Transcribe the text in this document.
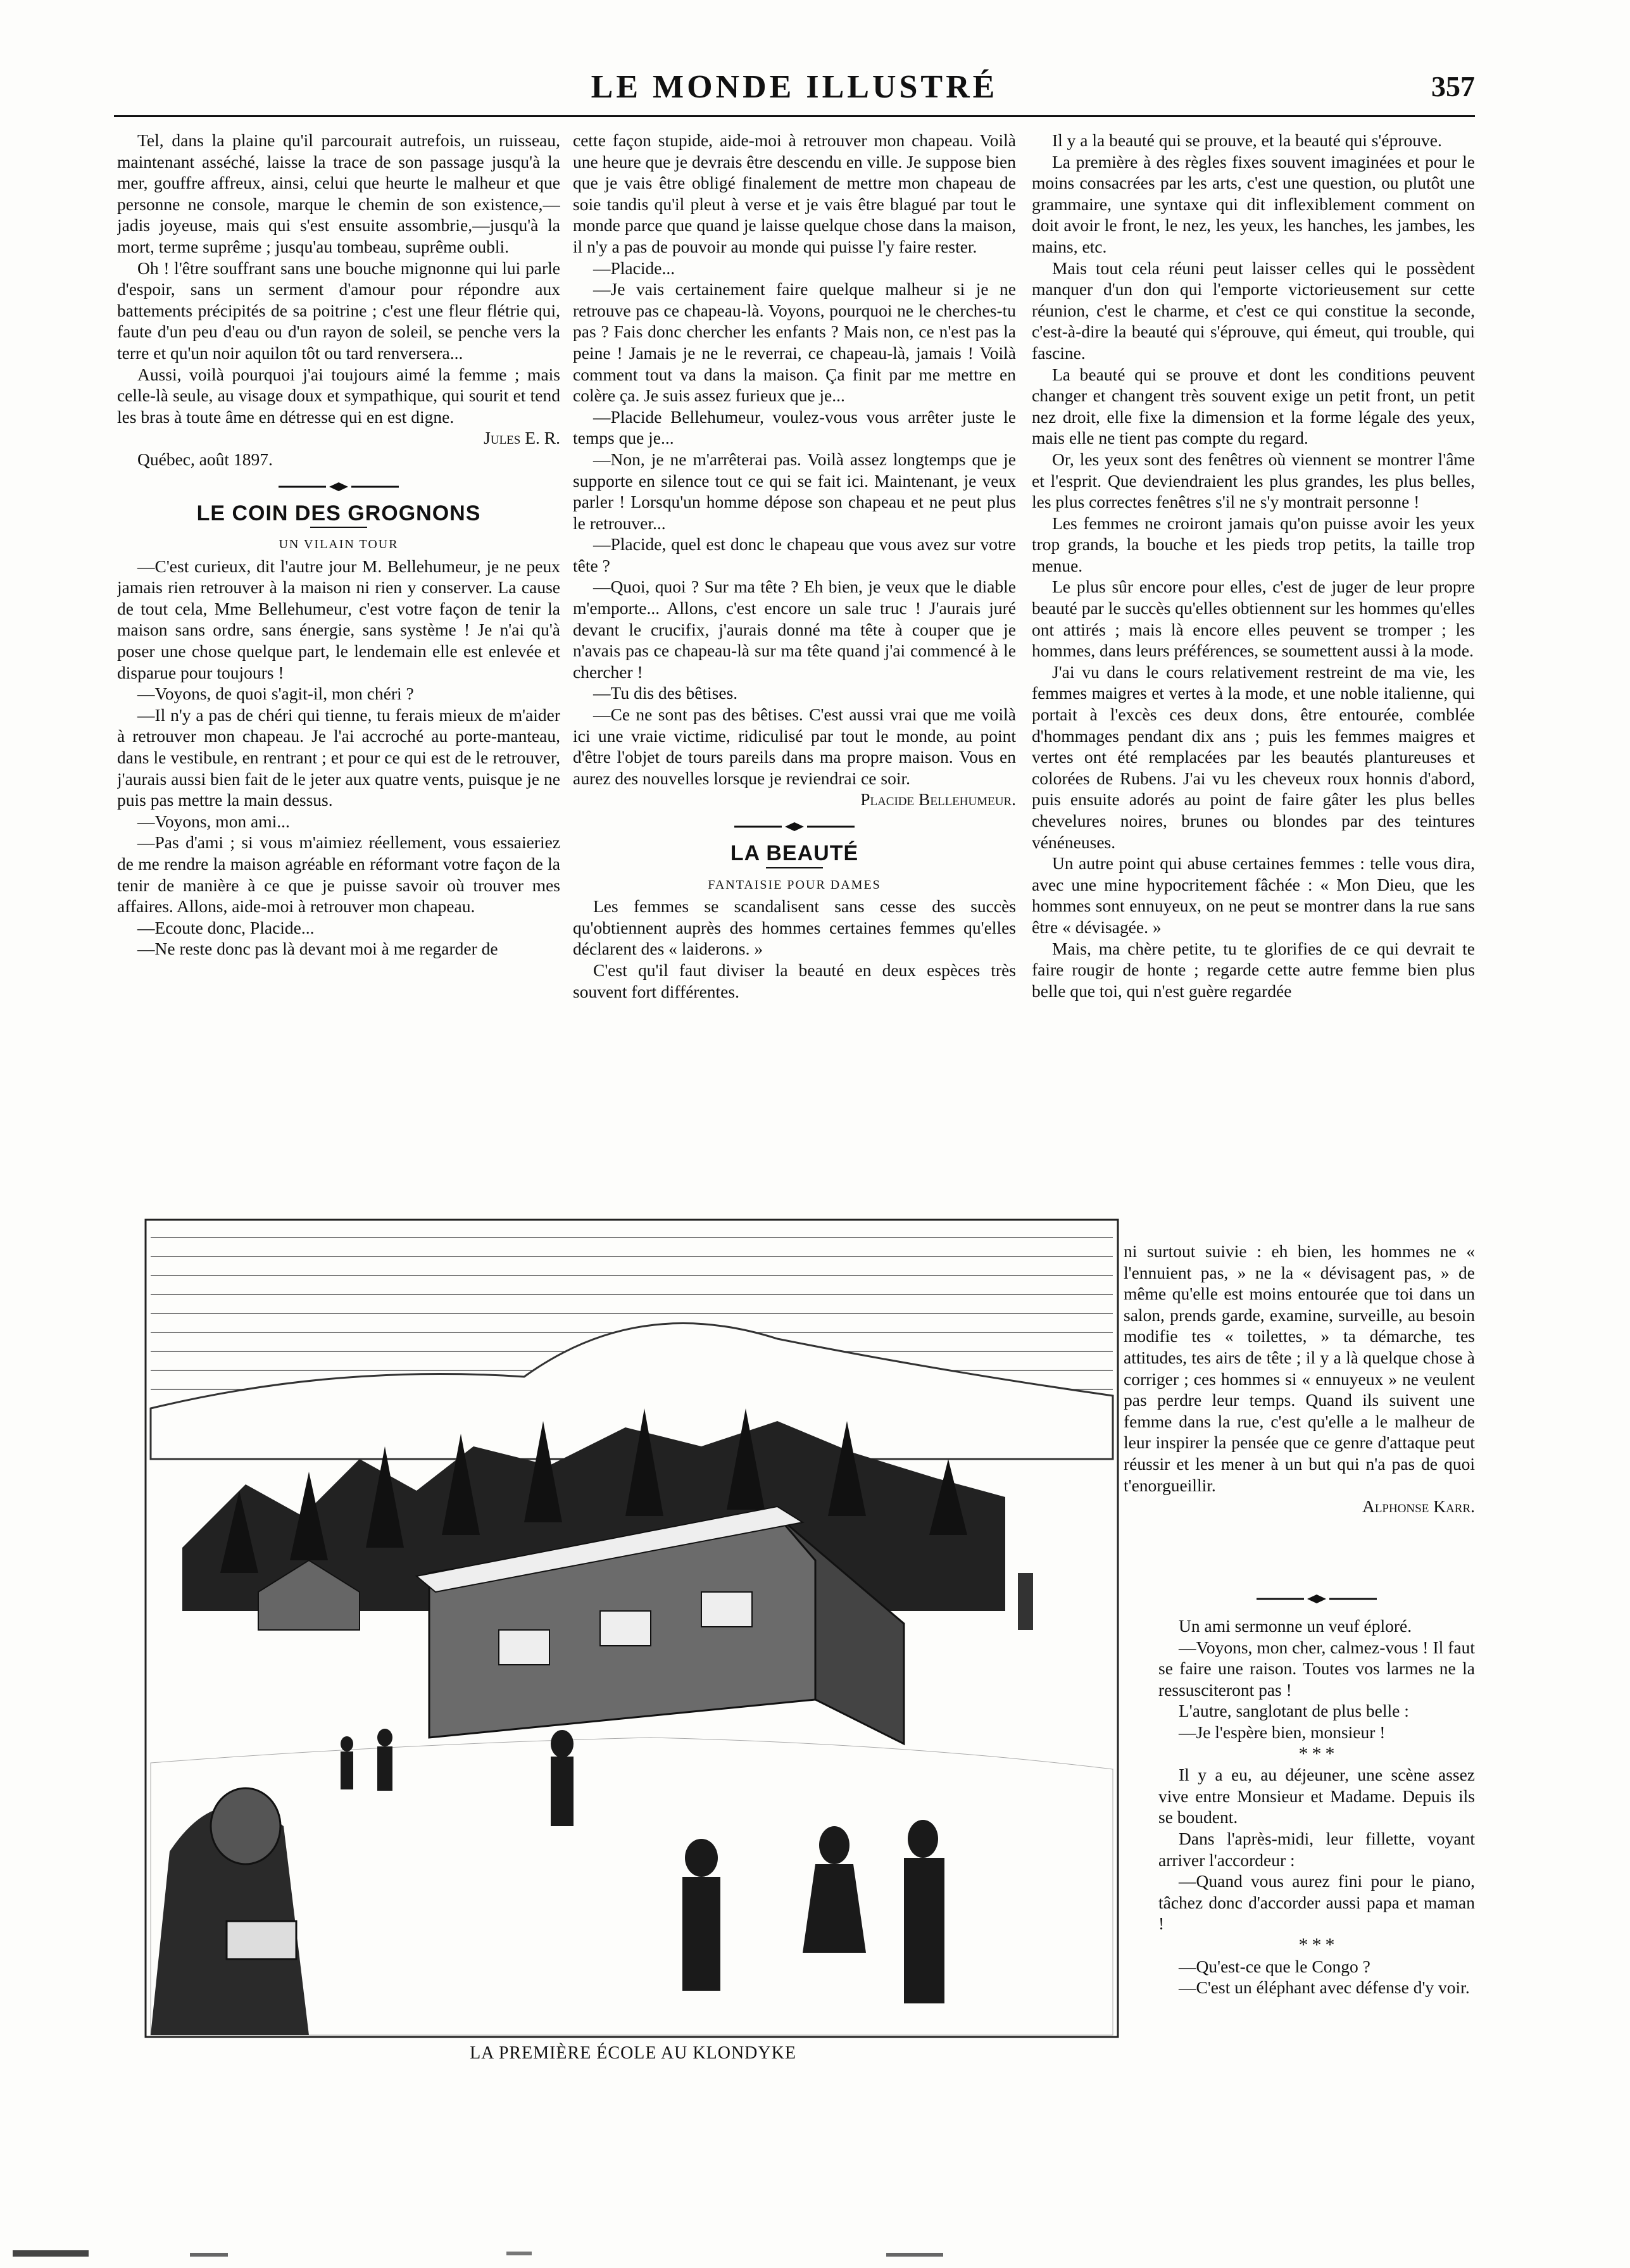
LE MONDE ILLUSTRÉ	357

Tel, dans la plaine qu'il parcourait autrefois, un ruisseau, maintenant asséché, laisse la trace de son passage jusqu'à la mer, gouffre affreux, ainsi, celui que heurte le malheur et que personne ne console, marque le chemin de son existence,—jadis joyeuse, mais qui s'est ensuite assombrie,—jusqu'à la mort, terme suprême ; jusqu'au tombeau, suprême oubli.

Oh ! l'être souffrant sans une bouche mignonne qui lui parle d'espoir, sans un serment d'amour pour répondre aux battements précipités de sa poitrine ; c'est une fleur flétrie qui, faute d'un peu d'eau ou d'un rayon de soleil, se penche vers la terre et qu'un noir aquilon tôt ou tard renversera...

Aussi, voilà pourquoi j'ai toujours aimé la femme ; mais celle-là seule, au visage doux et sympathique, qui sourit et tend les bras à toute âme en détresse qui en est digne.

Jules E. R.

Québec, août 1897.

LE COIN DES GROGNONS

UN VILAIN TOUR

—C'est curieux, dit l'autre jour M. Bellehumeur, je ne peux jamais rien retrouver à la maison ni rien y conserver. La cause de tout cela, Mme Bellehumeur, c'est votre façon de tenir la maison sans ordre, sans énergie, sans système ! Je n'ai qu'à poser une chose quelque part, le lendemain elle est enlevée et disparue pour toujours !

—Voyons, de quoi s'agit-il, mon chéri ?

—Il n'y a pas de chéri qui tienne, tu ferais mieux de m'aider à retrouver mon chapeau. Je l'ai accroché au porte-manteau, dans le vestibule, en rentrant ; et pour ce qui est de le retrouver, j'aurais aussi bien fait de le jeter aux quatre vents, puisque je ne puis pas mettre la main dessus.

—Voyons, mon ami...

—Pas d'ami ; si vous m'aimiez réellement, vous essaieriez de me rendre la maison agréable en réformant votre façon de la tenir de manière à ce que je puisse savoir où trouver mes affaires. Allons, aide-moi à retrouver mon chapeau.

—Ecoute donc, Placide...

—Ne reste donc pas là devant moi à me regarder de

cette façon stupide, aide-moi à retrouver mon chapeau. Voilà une heure que je devrais être descendu en ville. Je suppose bien que je vais être obligé finalement de mettre mon chapeau de soie tandis qu'il pleut à verse et je vais être blagué par tout le monde parce que quand je laisse quelque chose dans la maison, il n'y a pas de pouvoir au monde qui puisse l'y faire rester.

—Placide...

—Je vais certainement faire quelque malheur si je ne retrouve pas ce chapeau-là. Voyons, pourquoi ne le cherches-tu pas ? Fais donc chercher les enfants ? Mais non, ce n'est pas la peine ! Jamais je ne le reverrai, ce chapeau-là, jamais ! Voilà comment tout va dans la maison. Ça finit par me mettre en colère ça. Je suis assez furieux que je...

—Placide Bellehumeur, voulez-vous vous arrêter juste le temps que je...

—Non, je ne m'arrêterai pas. Voilà assez longtemps que je supporte en silence tout ce qui se fait ici. Maintenant, je veux parler ! Lorsqu'un homme dépose son chapeau et ne peut plus le retrouver...

—Placide, quel est donc le chapeau que vous avez sur votre tête ?

—Quoi, quoi ? Sur ma tête ? Eh bien, je veux que le diable m'emporte... Allons, c'est encore un sale truc ! J'aurais juré devant le crucifix, j'aurais donné ma tête à couper que je n'avais pas ce chapeau-là sur ma tête quand j'ai commencé à le chercher !

—Tu dis des bêtises.

—Ce ne sont pas des bêtises. C'est aussi vrai que me voilà ici une vraie victime, ridiculisé par tout le monde, au point d'être l'objet de tours pareils dans ma propre maison. Vous en aurez des nouvelles lorsque je reviendrai ce soir.

Placide Bellehumeur.

LA BEAUTÉ

FANTAISIE POUR DAMES

Les femmes se scandalisent sans cesse des succès qu'obtiennent auprès des hommes certaines femmes qu'elles déclarent des « laiderons. »

C'est qu'il faut diviser la beauté en deux espèces très souvent fort différentes.

Il y a la beauté qui se prouve, et la beauté qui s'éprouve.

La première à des règles fixes souvent imaginées et pour le moins consacrées par les arts, c'est une question, ou plutôt une grammaire, une syntaxe qui dit inflexiblement comment on doit avoir le front, le nez, les yeux, les hanches, les jambes, les mains, etc.

Mais tout cela réuni peut laisser celles qui le possèdent manquer d'un don qui l'emporte victorieusement sur cette réunion, c'est le charme, et c'est ce qui constitue la seconde, c'est-à-dire la beauté qui s'éprouve, qui émeut, qui trouble, qui fascine.

La beauté qui se prouve et dont les conditions peuvent changer et changent très souvent exige un petit front, un petit nez droit, elle fixe la dimension et la forme légale des yeux, mais elle ne tient pas compte du regard.

Or, les yeux sont des fenêtres où viennent se montrer l'âme et l'esprit. Que deviendraient les plus grandes, les plus belles, les plus correctes fenêtres s'il ne s'y montrait personne !

Les femmes ne croiront jamais qu'on puisse avoir les yeux trop grands, la bouche et les pieds trop petits, la taille trop menue.

Le plus sûr encore pour elles, c'est de juger de leur propre beauté par le succès qu'elles obtiennent sur les hommes qu'elles ont attirés ; mais là encore elles peuvent se tromper ; les hommes, dans leurs préférences, se soumettent aussi à la mode.

J'ai vu dans le cours relativement restreint de ma vie, les femmes maigres et vertes à la mode, et une noble italienne, qui portait à l'excès ces deux dons, être entourée, comblée d'hommages pendant dix ans ; puis les femmes maigres et vertes ont été remplacées par les beautés plantureuses et colorées de Rubens. J'ai vu les cheveux roux honnis d'abord, puis ensuite adorés au point de faire gâter les plus belles chevelures noires, brunes ou blondes par des teintures vénéneuses.

Un autre point qui abuse certaines femmes : telle vous dira, avec une mine hypocritement fâchée : « Mon Dieu, que les hommes sont ennuyeux, on ne peut se montrer dans la rue sans être « dévisagée. »

Mais, ma chère petite, tu te glorifies de ce qui devrait te faire rougir de honte ; regarde cette autre femme bien plus belle que toi, qui n'est guère regardée

ni surtout suivie : eh bien, les hommes ne « l'ennuient pas, » ne la « dévisagent pas, » de même qu'elle est moins entourée que toi dans un salon, prends garde, examine, surveille, au besoin modifie tes « toilettes, » ta démarche, tes attitudes, tes airs de tête ; il y a là quelque chose à corriger ; ces hommes si « ennuyeux » ne veulent pas perdre leur temps. Quand ils suivent une femme dans la rue, c'est qu'elle a le malheur de leur inspirer la pensée que ce genre d'attaque peut réussir et les mener à un but qui n'a pas de quoi t'enorgueillir.

Alphonse Karr.

Un ami sermonne un veuf éploré.

—Voyons, mon cher, calmez-vous ! Il faut se faire une raison. Toutes vos larmes ne la ressusciteront pas !

L'autre, sanglotant de plus belle :

—Je l'espère bien, monsieur !

* * *

Il y a eu, au déjeuner, une scène assez vive entre Monsieur et Madame. Depuis ils se boudent.

Dans l'après-midi, leur fillette, voyant arriver l'accordeur :

—Quand vous aurez fini pour le piano, tâchez donc d'accorder aussi papa et maman !

* * *

—Qu'est-ce que le Congo ?

—C'est un éléphant avec défense d'y voir.

LA PREMIÈRE ÉCOLE AU KLONDYKE
